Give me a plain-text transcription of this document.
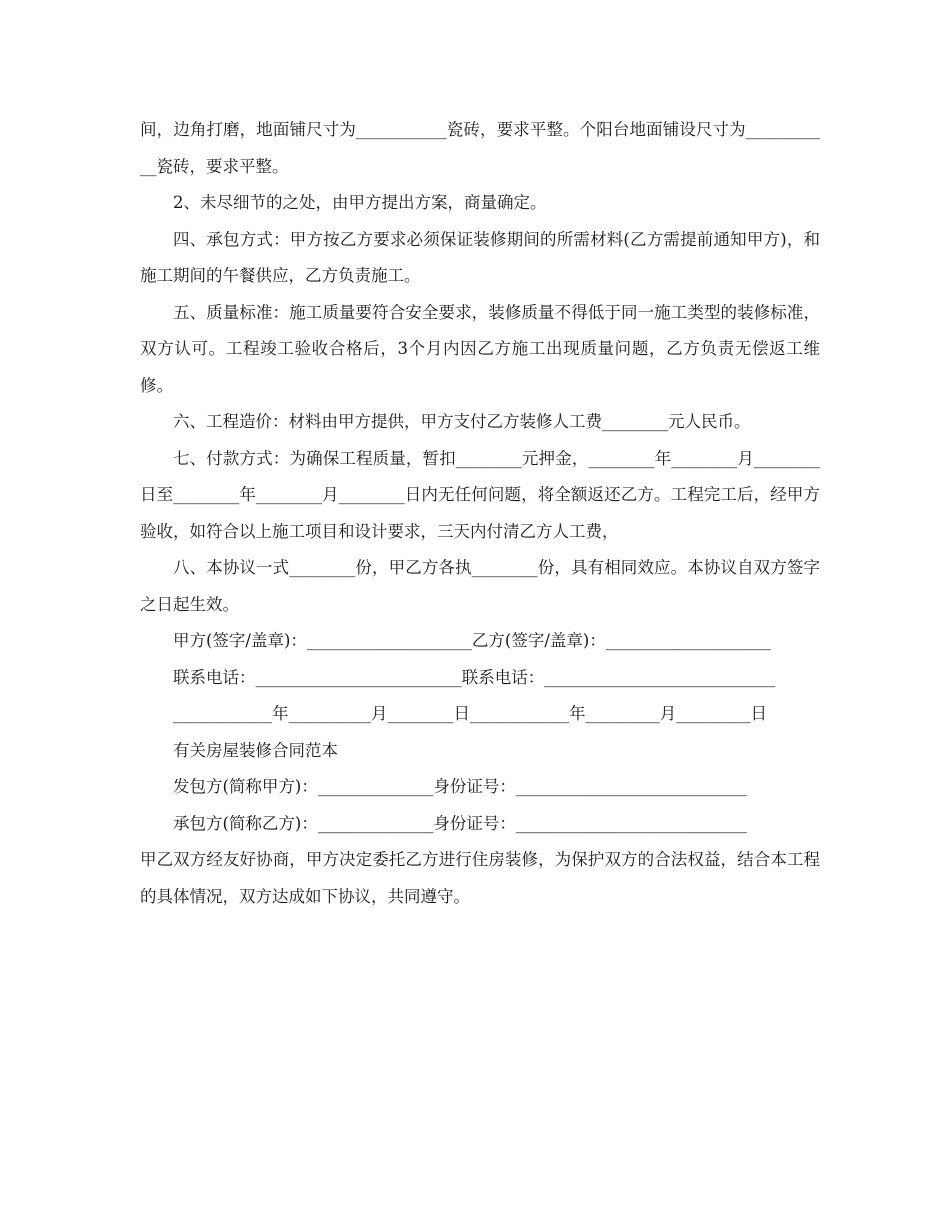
间，边角打磨，地面铺尺寸为___________瓷砖，要求平整。个阳台地面铺设尺寸为___________瓷砖，要求平整。

2、未尽细节的之处，由甲方提出方案，商量确定。

四、承包方式：甲方按乙方要求必须保证装修期间的所需材料(乙方需提前通知甲方)，和施工期间的午餐供应，乙方负责施工。

五、质量标准：施工质量要符合安全要求，装修质量不得低于同一施工类型的装修标准，双方认可。工程竣工验收合格后，3个月内因乙方施工出现质量问题，乙方负责无偿返工维修。

六、工程造价：材料由甲方提供，甲方支付乙方装修人工费________元人民币。

七、付款方式：为确保工程质量，暂扣________元押金，________年________月________日至________年________月________日内无任何问题，将全额返还乙方。工程完工后，经甲方验收，如符合以上施工项目和设计要求，三天内付清乙方人工费，

八、本协议一式________份，甲乙方各执________份，具有相同效应。本协议自双方签字之日起生效。

甲方(签字/盖章)：____________________乙方(签字/盖章)：____________________

联系电话：_________________________联系电话：____________________________

____________年__________月________日____________年_________月_________日

有关房屋装修合同范本

发包方(简称甲方)：______________身份证号：____________________________

承包方(简称乙方)：______________身份证号：____________________________

甲乙双方经友好协商，甲方决定委托乙方进行住房装修，为保护双方的合法权益，结合本工程的具体情况，双方达成如下协议，共同遵守。
